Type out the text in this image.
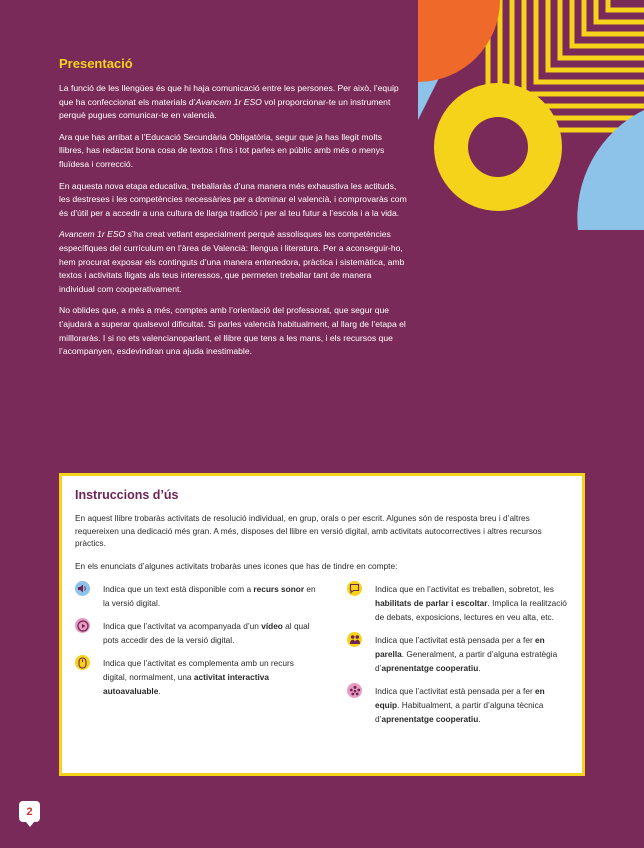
Presentació

La funció de les llengües és que hi haja comunicació entre les persones. Per això, l’equip que ha confeccionat els materials d’Avancem 1r ESO vol proporcionar-te un instrument perquè pugues comunicar-te en valencià.

Ara que has arribat a l’Educació Secundària Obligatòria, segur que ja has llegit molts llibres, has redactat bona cosa de textos i fins i tot parles en públic amb més o menys fluïdesa i correcció.

En aquesta nova etapa educativa, treballaràs d’una manera més exhaustiva les actituds, les destreses i les competències necessàries per a dominar el valencià, i comprovaràs com és d’útil per a accedir a una cultura de llarga tradició i per al teu futur a l’escola i a la vida.

Avancem 1r ESO s’ha creat vetlant especialment perquè assolisques les competències específiques del currículum en l’àrea de Valencià: llengua i literatura. Per a aconseguir-ho, hem procurat exposar els continguts d’una manera entenedora, pràctica i sistemàtica, amb textos i activitats lligats als teus interessos, que permeten treballar tant de manera individual com cooperativament.

No oblides que, a més a més, comptes amb l’orientació del professorat, que segur que t’ajudarà a superar qualsevol dificultat. Si parles valencià habitualment, al llarg de l’etapa el millloraràs. I si no ets valencianoparlant, el llibre que tens a les mans, i els recursos que l’acompanyen, esdevindran una ajuda inestimable.

Instruccions d’ús

En aquest llibre trobaràs activitats de resolució individual, en grup, orals o per escrit. Algunes són de resposta breu i d’altres requereixen una dedicació més gran. A més, disposes del llibre en versió digital, amb activitats autocorrectives i altres recursos pràctics.

En els enunciats d’algunes activitats trobaràs unes icones que has de tindre en compte:

Indica que un text està disponible com a recurs sonor en la versió digital.
Indica que l’activitat va acompanyada d’un vídeo al qual pots accedir des de la versió digital.
Indica que l’activitat es complementa amb un recurs digital, normalment, una activitat interactiva autoavaluable.
Indica que en l’activitat es treballen, sobretot, les habilitats de parlar i escoltar. Implica la realització de debats, exposicions, lectures en veu alta, etc.
Indica que l’activitat està pensada per a fer en parella. Generalment, a partir d’alguna estratègia d’aprenentatge cooperatiu.
Indica que l’activitat està pensada per a fer en equip. Habitualment, a partir d’alguna tècnica d’aprenentatge cooperatiu.
2
